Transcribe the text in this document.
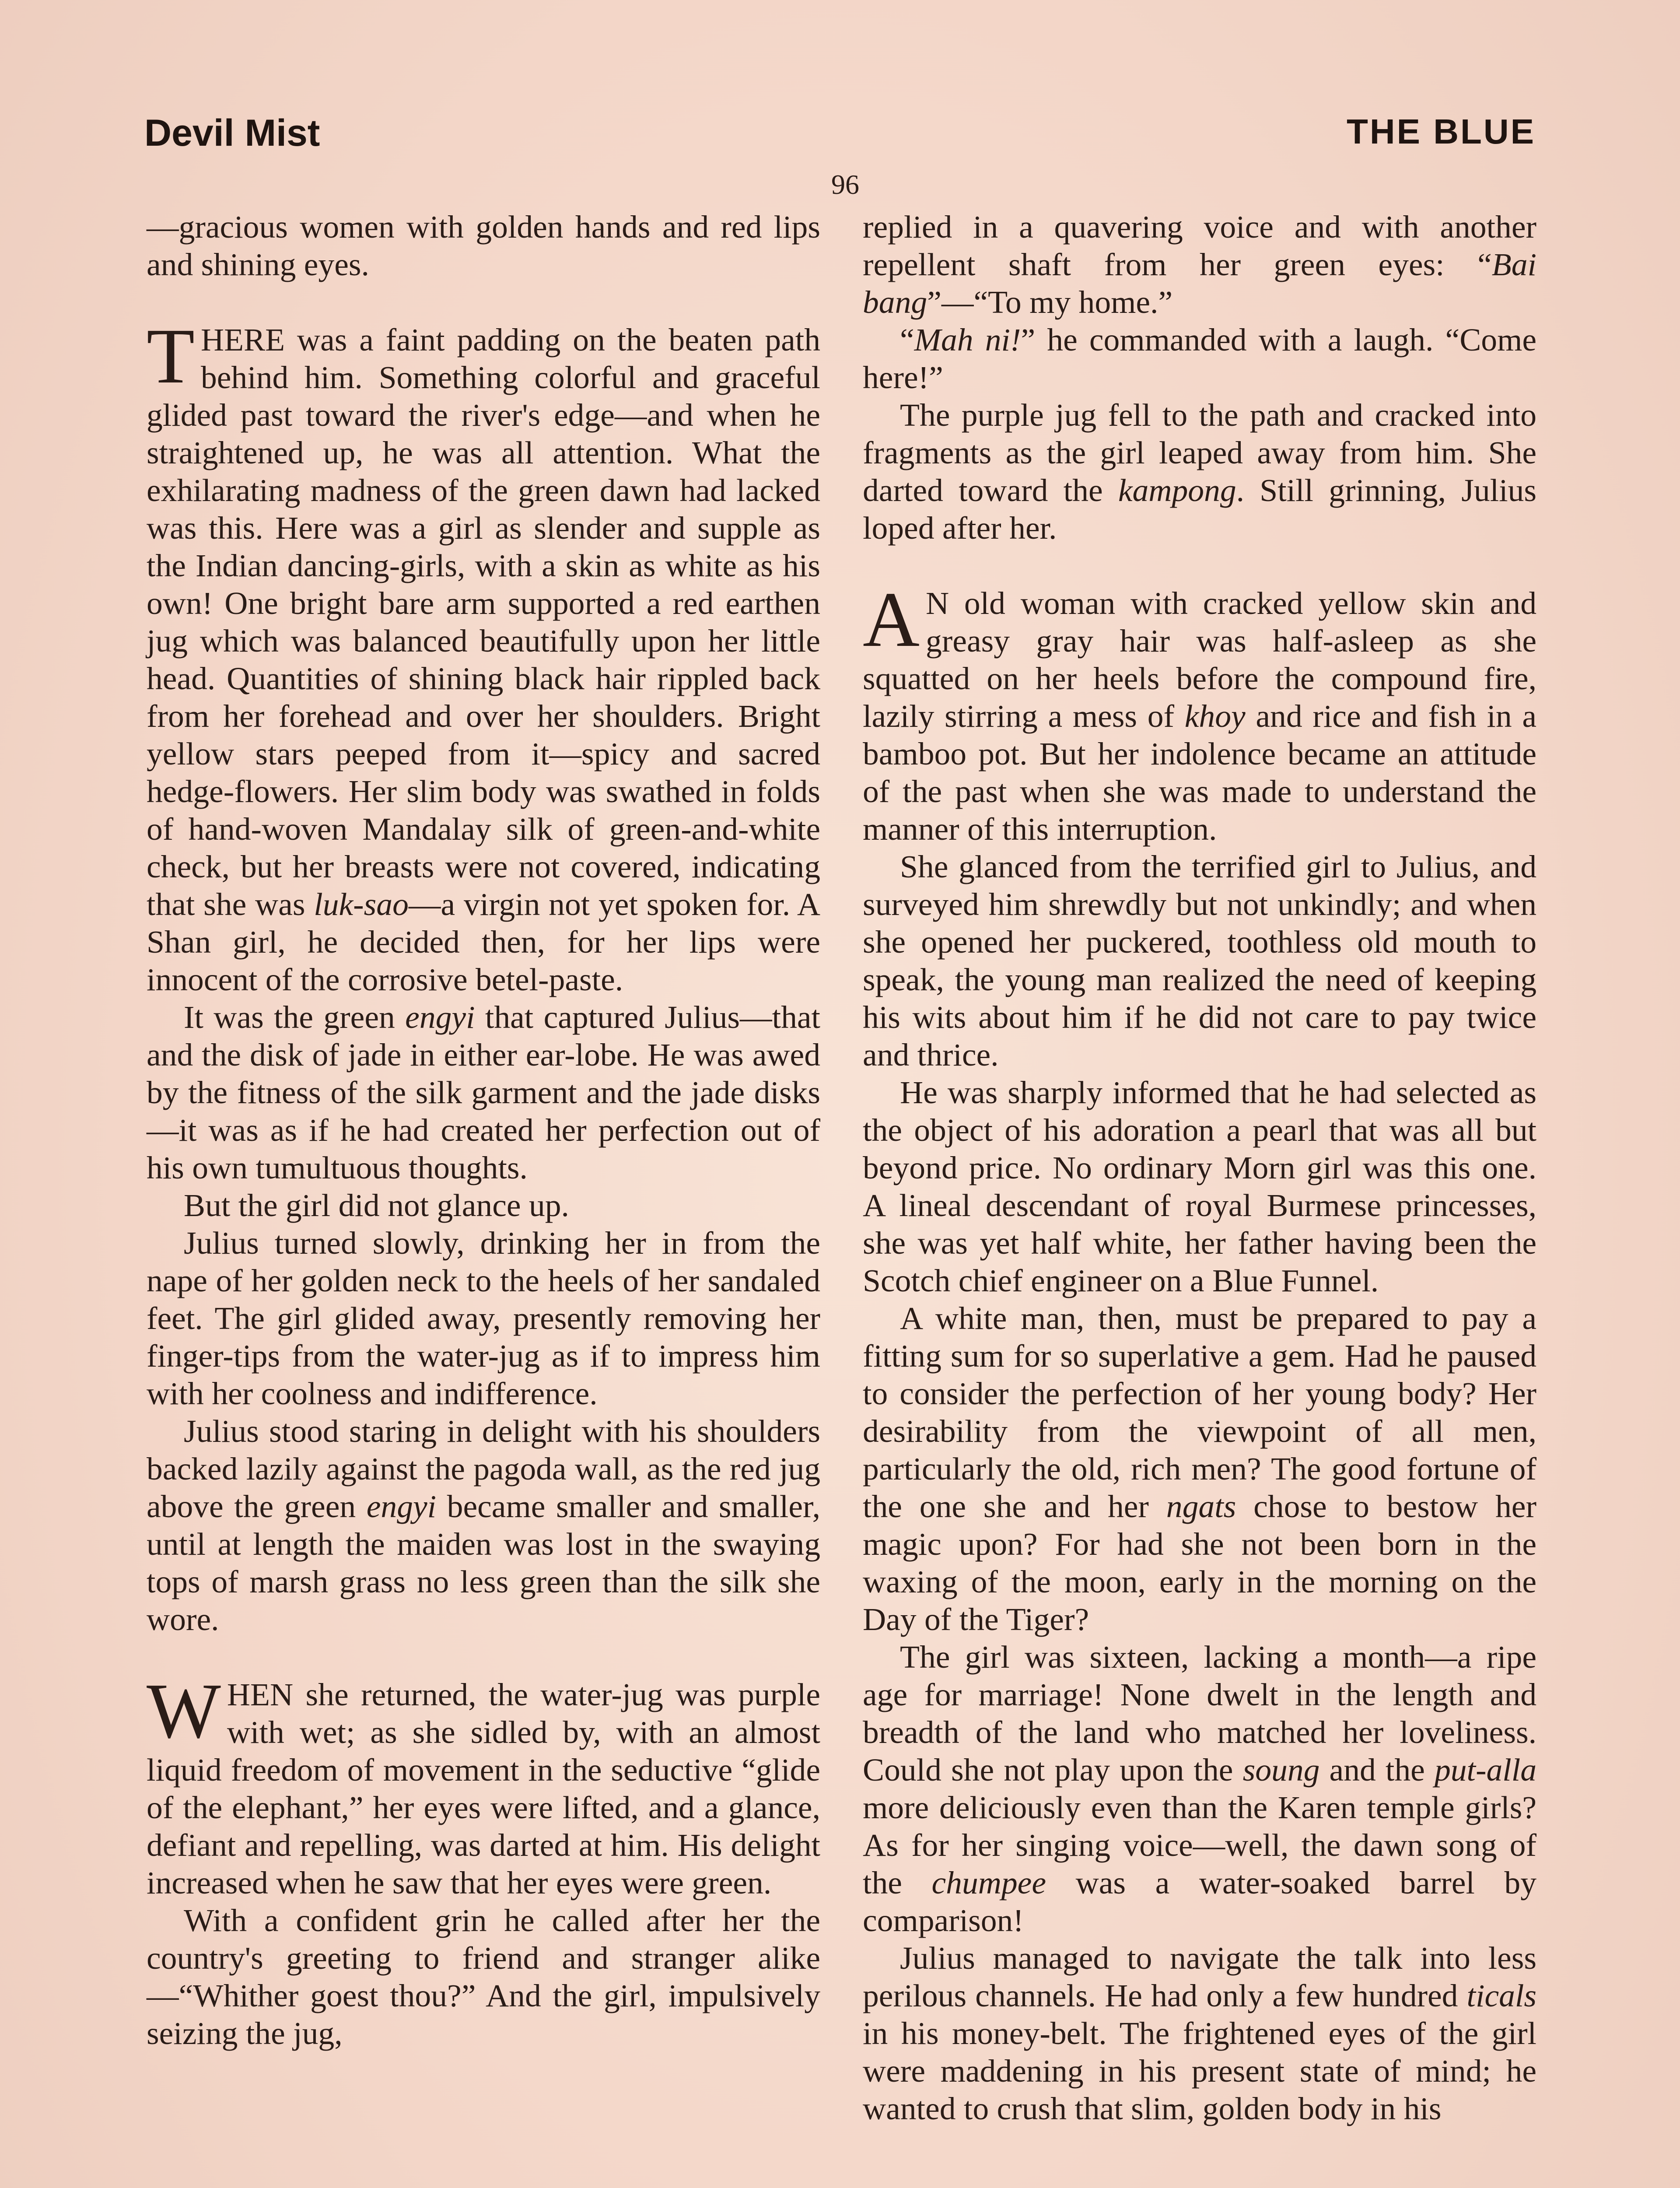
Devil Mist	THE BLUE
96

—gracious women with golden hands and red lips and shining eyes.

THERE was a faint padding on the beaten path behind him. Something colorful and graceful glided past toward the river's edge—and when he straightened up, he was all attention. What the exhilarating madness of the green dawn had lacked was this. Here was a girl as slender and supple as the Indian dancing-girls, with a skin as white as his own! One bright bare arm supported a red earthen jug which was balanced beautifully upon her little head. Quantities of shining black hair rippled back from her forehead and over her shoulders. Bright yellow stars peeped from it—spicy and sacred hedge-flowers. Her slim body was swathed in folds of hand-woven Mandalay silk of green-and-white check, but her breasts were not covered, indicating that she was luk-sao—a virgin not yet spoken for. A Shan girl, he decided then, for her lips were innocent of the corrosive betel-paste.

It was the green engyi that captured Julius—that and the disk of jade in either ear-lobe. He was awed by the fitness of the silk garment and the jade disks—it was as if he had created her perfection out of his own tumultuous thoughts.

But the girl did not glance up.

Julius turned slowly, drinking her in from the nape of her golden neck to the heels of her sandaled feet. The girl glided away, presently removing her finger-tips from the water-jug as if to impress him with her coolness and indifference.

Julius stood staring in delight with his shoulders backed lazily against the pagoda wall, as the red jug above the green engyi became smaller and smaller, until at length the maiden was lost in the swaying tops of marsh grass no less green than the silk she wore.

WHEN she returned, the water-jug was purple with wet; as she sidled by, with an almost liquid freedom of movement in the seductive “glide of the elephant,” her eyes were lifted, and a glance, defiant and repelling, was darted at him. His delight increased when he saw that her eyes were green.

With a confident grin he called after her the country's greeting to friend and stranger alike—“Whither goest thou?” And the girl, impulsively seizing the jug,

replied in a quavering voice and with another repellent shaft from her green eyes: “Bai bang”—“To my home.”

“Mah ni!” he commanded with a laugh. “Come here!”

The purple jug fell to the path and cracked into fragments as the girl leaped away from him. She darted toward the kampong. Still grinning, Julius loped after her.

A N old woman with cracked yellow skin and greasy gray hair was half-asleep as she squatted on her heels before the compound fire, lazily stirring a mess of khoy and rice and fish in a bamboo pot. But her indolence became an attitude of the past when she was made to understand the manner of this interruption.

She glanced from the terrified girl to Julius, and surveyed him shrewdly but not unkindly; and when she opened her puckered, toothless old mouth to speak, the young man realized the need of keeping his wits about him if he did not care to pay twice and thrice.

He was sharply informed that he had selected as the object of his adoration a pearl that was all but beyond price. No ordinary Morn girl was this one. A lineal descendant of royal Burmese princesses, she was yet half white, her father having been the Scotch chief engineer on a Blue Funnel.

A white man, then, must be prepared to pay a fitting sum for so superlative a gem. Had he paused to consider the perfection of her young body? Her desirability from the viewpoint of all men, particularly the old, rich men? The good fortune of the one she and her ngats chose to bestow her magic upon? For had she not been born in the waxing of the moon, early in the morning on the Day of the Tiger?

The girl was sixteen, lacking a month—a ripe age for marriage! None dwelt in the length and breadth of the land who matched her loveliness. Could she not play upon the soung and the put-alla more deliciously even than the Karen temple girls? As for her singing voice—well, the dawn song of the chumpee was a water-soaked barrel by comparison!

Julius managed to navigate the talk into less perilous channels. He had only a few hundred ticals in his money-belt. The frightened eyes of the girl were maddening in his present state of mind; he wanted to crush that slim, golden body in his
